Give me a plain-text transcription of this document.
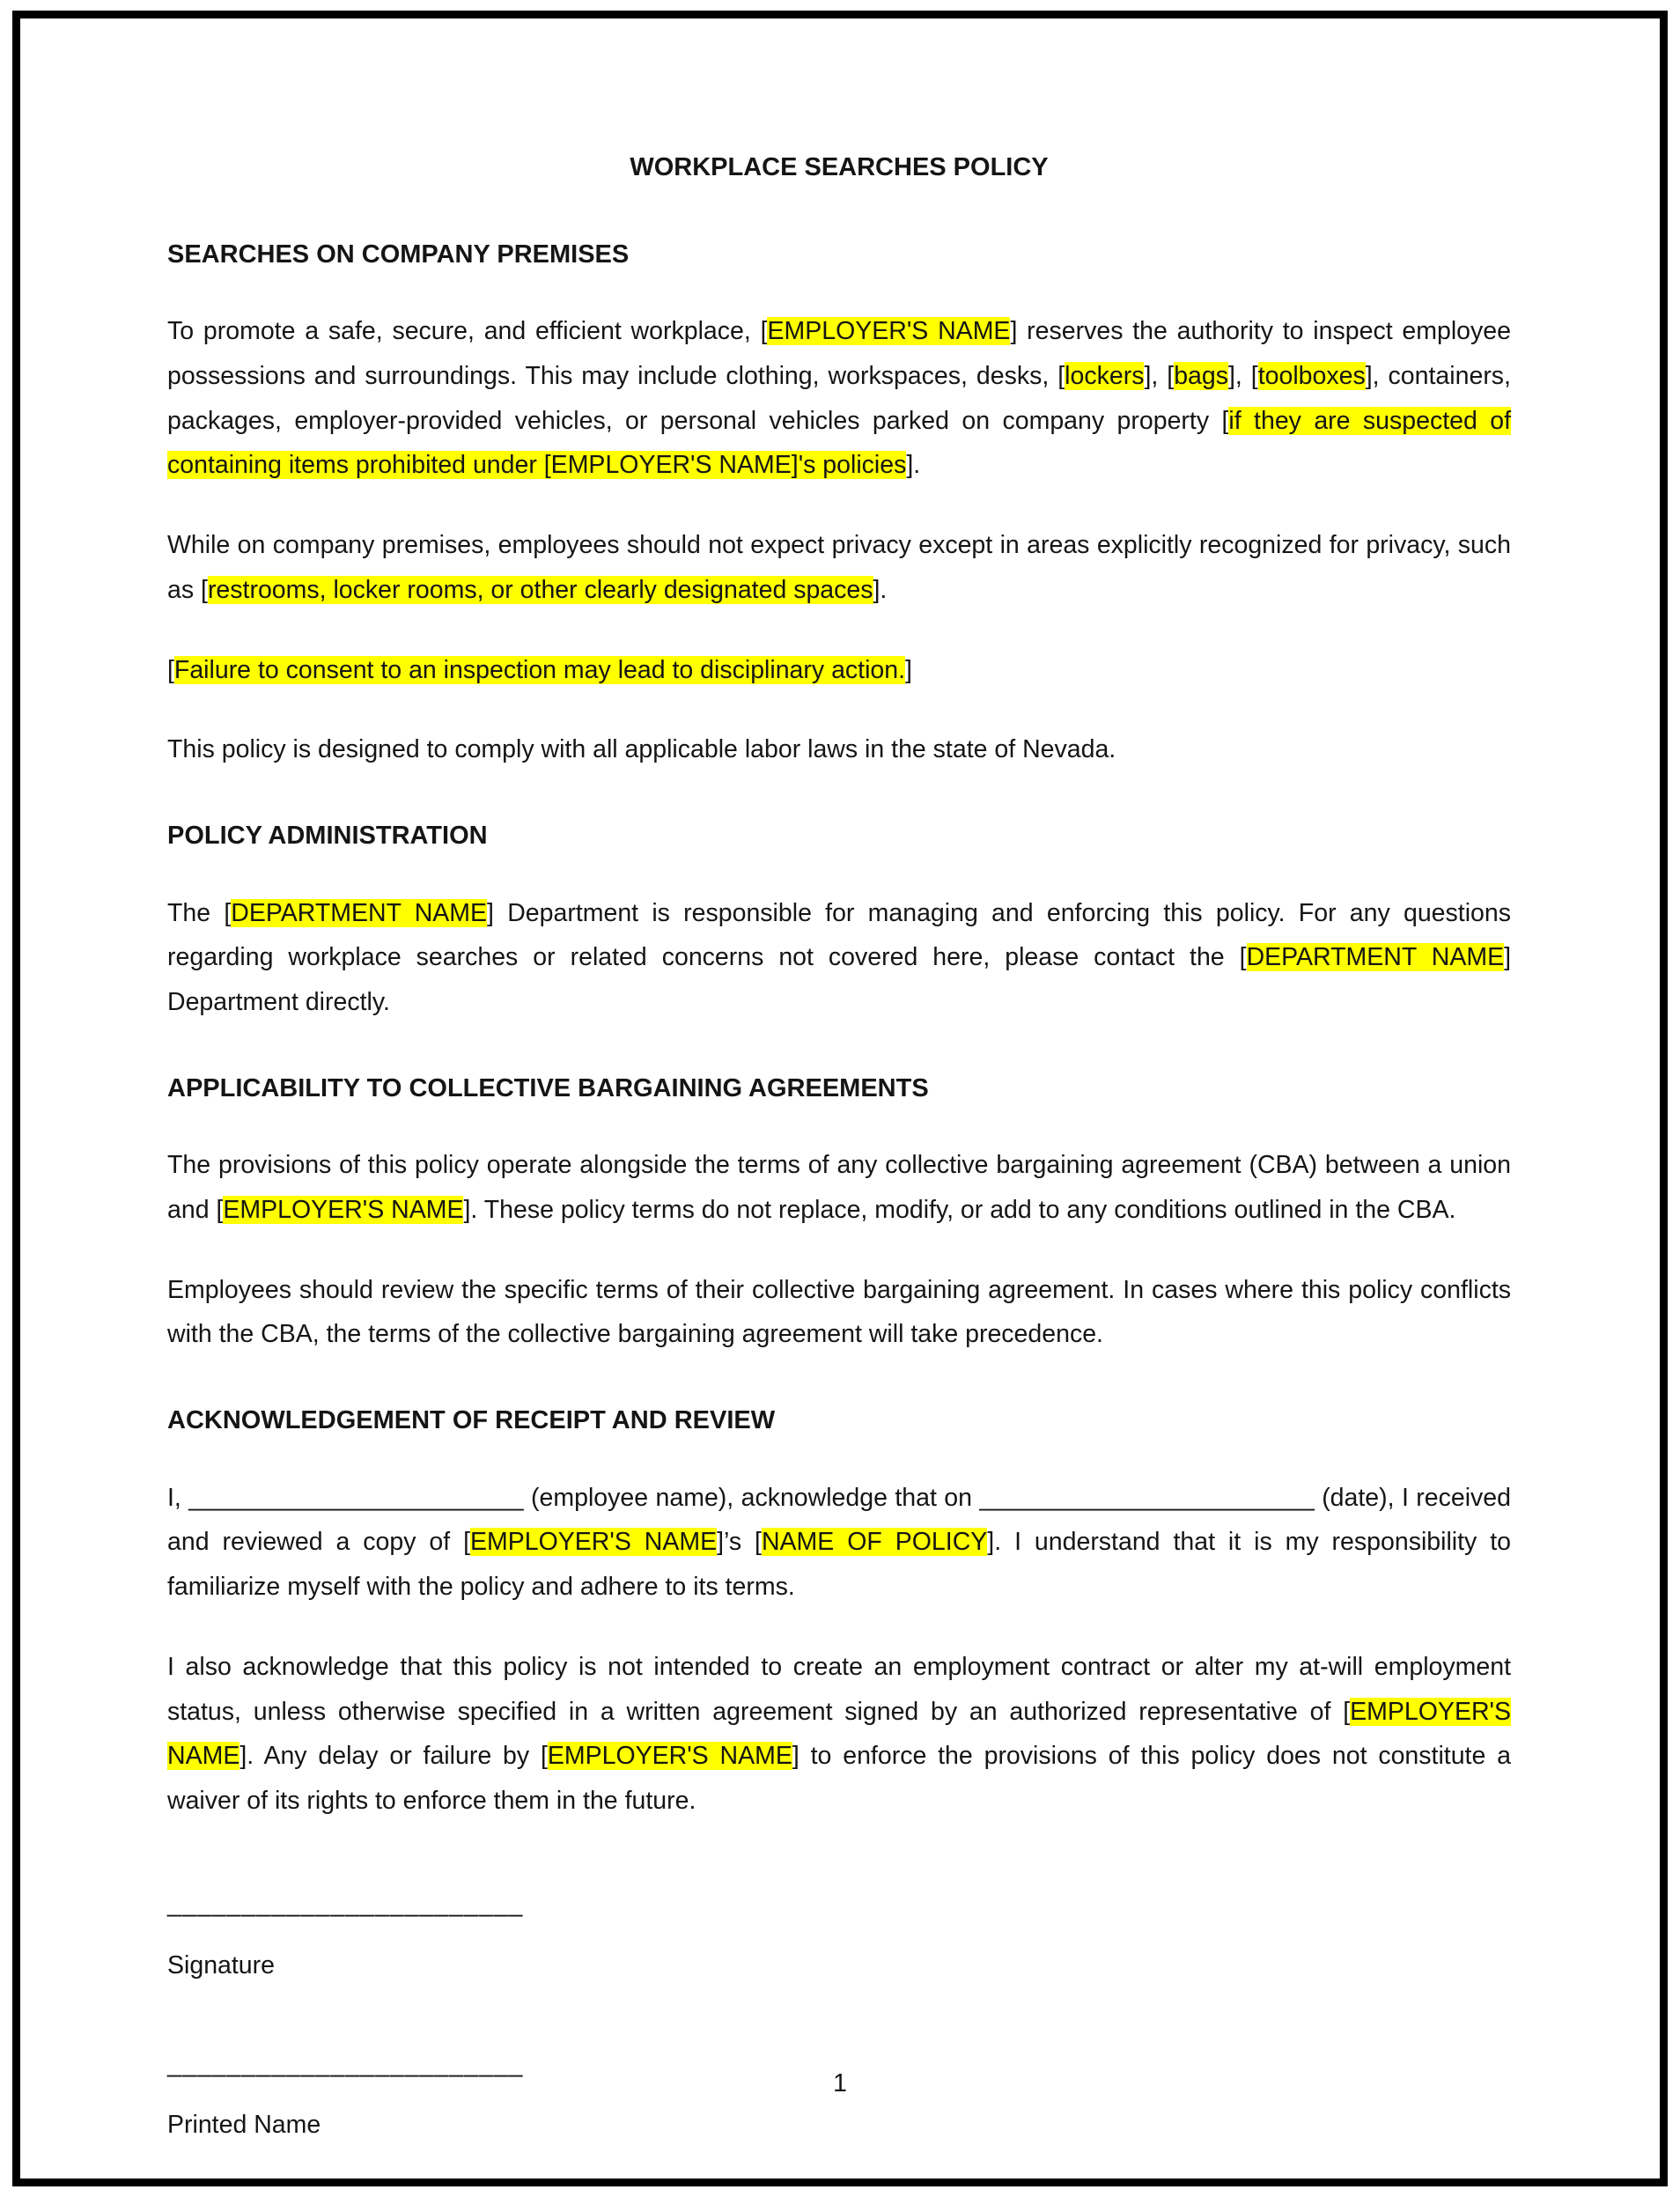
WORKPLACE SEARCHES POLICY
SEARCHES ON COMPANY PREMISES

To promote a safe, secure, and efficient workplace, [EMPLOYER'S NAME] reserves the authority to inspect employee possessions and surroundings. This may include clothing, workspaces, desks, [lockers], [bags], [toolboxes], containers, packages, employer-provided vehicles, or personal vehicles parked on company property [if they are suspected of containing items prohibited under [EMPLOYER'S NAME]'s policies].

While on company premises, employees should not expect privacy except in areas explicitly recognized for privacy, such as [restrooms, locker rooms, or other clearly designated spaces].

[Failure to consent to an inspection may lead to disciplinary action.]

This policy is designed to comply with all applicable labor laws in the state of Nevada.

POLICY ADMINISTRATION

The [DEPARTMENT NAME] Department is responsible for managing and enforcing this policy. For any questions regarding workplace searches or related concerns not covered here, please contact the [DEPARTMENT NAME] Department directly.

APPLICABILITY TO COLLECTIVE BARGAINING AGREEMENTS

The provisions of this policy operate alongside the terms of any collective bargaining agreement (CBA) between a union and [EMPLOYER'S NAME]. These policy terms do not replace, modify, or add to any conditions outlined in the CBA.

Employees should review the specific terms of their collective bargaining agreement. In cases where this policy conflicts with the CBA, the terms of the collective bargaining agreement will take precedence.

ACKNOWLEDGEMENT OF RECEIPT AND REVIEW

I, ________________________ (employee name), acknowledge that on ________________________ (date), I received and reviewed a copy of [EMPLOYER'S NAME]’s [NAME OF POLICY]. I understand that it is my responsibility to familiarize myself with the policy and adhere to its terms.

I also acknowledge that this policy is not intended to create an employment contract or alter my at-will employment status, unless otherwise specified in a written agreement signed by an authorized representative of [EMPLOYER'S NAME]. Any delay or failure by [EMPLOYER'S NAME] to enforce the provisions of this policy does not constitute a waiver of its rights to enforce them in the future.

________________________
Signature
________________________
Printed Name
1
